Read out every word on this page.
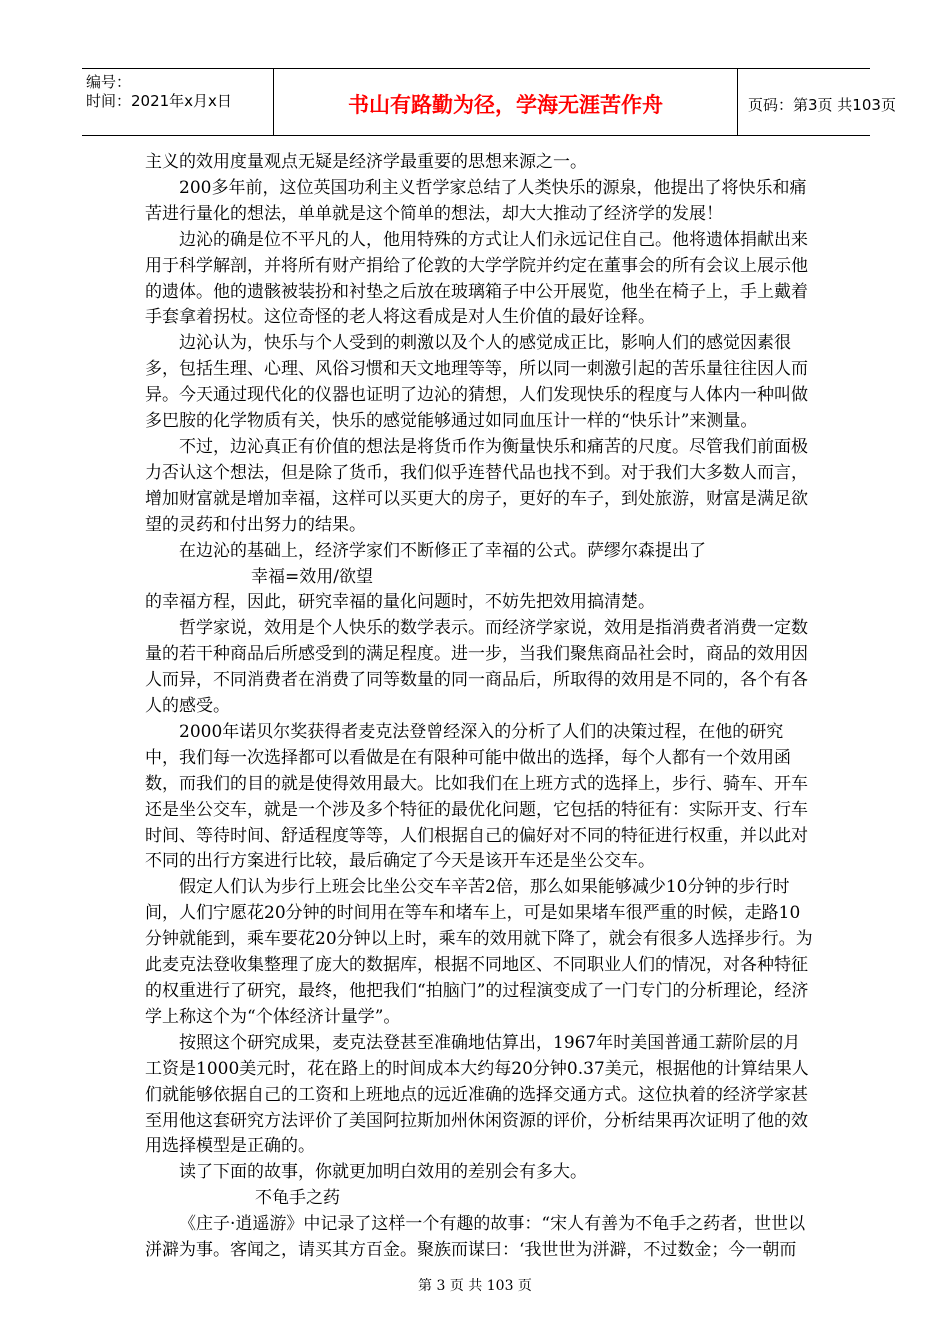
编号：
时间：2021年x月x日	书山有路勤为径，学海无涯苦作舟	页码：第3页 共103页

主义的效用度量观点无疑是经济学最重要的思想来源之一。

200多年前，这位英国功利主义哲学家总结了人类快乐的源泉，他提出了将快乐和痛苦进行量化的想法，单单就是这个简单的想法，却大大推动了经济学的发展！

边沁的确是位不平凡的人，他用特殊的方式让人们永远记住自己。他将遗体捐献出来用于科学解剖，并将所有财产捐给了伦敦的大学学院并约定在董事会的所有会议上展示他的遗体。他的遗骸被装扮和衬垫之后放在玻璃箱子中公开展览，他坐在椅子上，手上戴着手套拿着拐杖。这位奇怪的老人将这看成是对人生价值的最好诠释。

边沁认为，快乐与个人受到的刺激以及个人的感觉成正比，影响人们的感觉因素很多，包括生理、心理、风俗习惯和天文地理等等，所以同一刺激引起的苦乐量往往因人而异。今天通过现代化的仪器也证明了边沁的猜想，人们发现快乐的程度与人体内一种叫做多巴胺的化学物质有关，快乐的感觉能够通过如同血压计一样的“快乐计”来测量。

不过，边沁真正有价值的想法是将货币作为衡量快乐和痛苦的尺度。尽管我们前面极力否认这个想法，但是除了货币，我们似乎连替代品也找不到。对于我们大多数人而言，增加财富就是增加幸福，这样可以买更大的房子，更好的车子，到处旅游，财富是满足欲望的灵药和付出努力的结果。

在边沁的基础上，经济学家们不断修正了幸福的公式。萨缪尔森提出了

幸福=效用/欲望

的幸福方程，因此，研究幸福的量化问题时，不妨先把效用搞清楚。

哲学家说，效用是个人快乐的数学表示。而经济学家说，效用是指消费者消费一定数量的若干种商品后所感受到的满足程度。进一步，当我们聚焦商品社会时，商品的效用因人而异，不同消费者在消费了同等数量的同一商品后，所取得的效用是不同的，各个有各人的感受。

2000年诺贝尔奖获得者麦克法登曾经深入的分析了人们的决策过程，在他的研究中，我们每一次选择都可以看做是在有限种可能中做出的选择，每个人都有一个效用函数，而我们的目的就是使得效用最大。比如我们在上班方式的选择上，步行、骑车、开车还是坐公交车，就是一个涉及多个特征的最优化问题，它包括的特征有：实际开支、行车时间、等待时间、舒适程度等等，人们根据自己的偏好对不同的特征进行权重，并以此对不同的出行方案进行比较，最后确定了今天是该开车还是坐公交车。

假定人们认为步行上班会比坐公交车辛苦2倍，那么如果能够减少10分钟的步行时间，人们宁愿花20分钟的时间用在等车和堵车上，可是如果堵车很严重的时候，走路10分钟就能到，乘车要花20分钟以上时，乘车的效用就下降了，就会有很多人选择步行。为此麦克法登收集整理了庞大的数据库，根据不同地区、不同职业人们的情况，对各种特征的权重进行了研究，最终，他把我们“拍脑门”的过程演变成了一门专门的分析理论，经济学上称这个为“个体经济计量学”。

按照这个研究成果，麦克法登甚至准确地估算出，1967年时美国普通工薪阶层的月工资是1000美元时，花在路上的时间成本大约每20分钟0.37美元，根据他的计算结果人们就能够依据自己的工资和上班地点的远近准确的选择交通方式。这位执着的经济学家甚至用他这套研究方法评价了美国阿拉斯加州休闲资源的评价，分析结果再次证明了他的效用选择模型是正确的。

读了下面的故事，你就更加明白效用的差别会有多大。

不龟手之药

《庄子·逍遥游》中记录了这样一个有趣的故事：“宋人有善为不龟手之药者，世世以洴澼为事。客闻之，请买其方百金。聚族而谋曰：‘我世世为洴澼，不过数金；今一朝而

第 3 页 共 103 页
